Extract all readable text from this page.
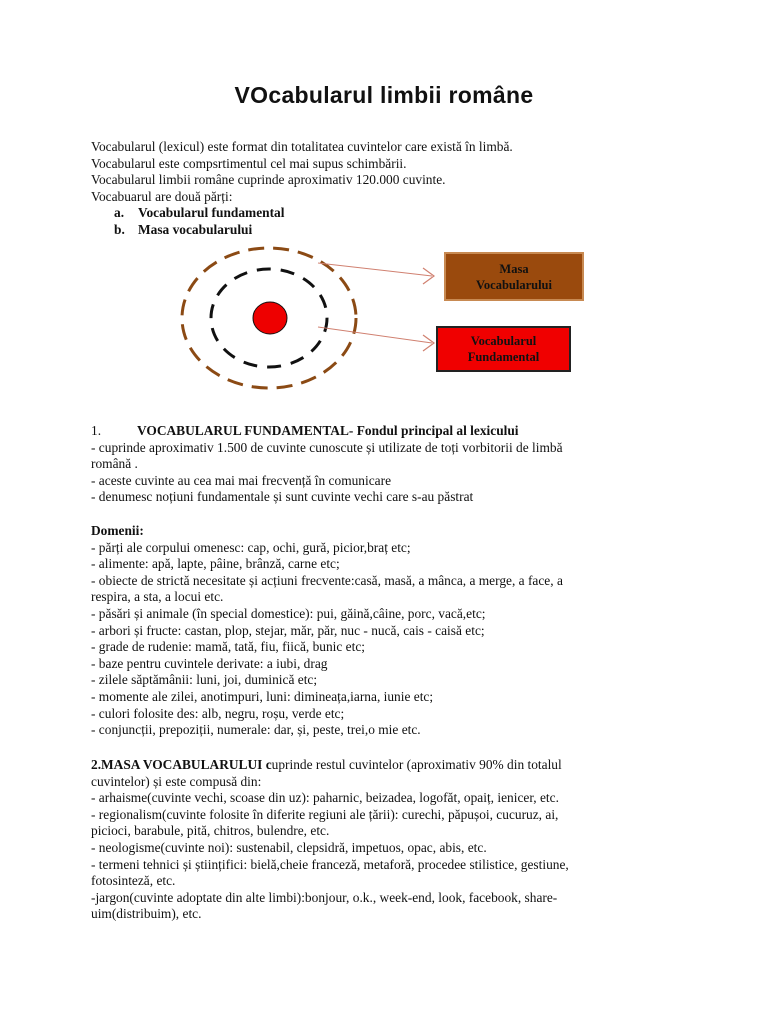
VOcabularul limbii române

Vocabularul (lexicul) este format din totalitatea cuvintelor care există în limbă.

Vocabularul este compsrtimentul cel mai supus schimbării.

Vocabularul limbii române cuprinde aproximativ 120.000 cuvinte.

Vocabuarul are două părți:

a. Vocabularul fundamental
b. Masa vocabularului
Masa
Vocabularului
Vocabularul
Fundamental

1.	VOCABULARUL FUNDAMENTAL- Fondul principal al lexicului

- cuprinde aproximativ 1.500 de cuvinte cunoscute și utilizate de toți vorbitorii de limbă

română .

- aceste cuvinte au cea mai mai frecvență în comunicare

- denumesc noțiuni fundamentale și sunt cuvinte vechi care s-au păstrat

Domenii:

- părți ale corpului omenesc: cap, ochi, gură, picior,braț etc;

- alimente: apă, lapte, pâine, brânză, carne etc;

- obiecte de strictă necesitate și acțiuni frecvente:casă, masă, a mânca, a merge, a face, a

respira, a sta, a locui etc.

- păsări și animale (în special domestice): pui, găină,câine, porc, vacă,etc;

- arbori și fructe: castan, plop, stejar, măr, păr, nuc - nucă, cais - caisă etc;

- grade de rudenie: mamă, tată, fiu, fiică, bunic etc;

- baze pentru cuvintele derivate: a iubi, drag

- zilele săptămânii: luni, joi, duminică etc;

- momente ale zilei, anotimpuri, luni: dimineața,iarna, iunie etc;

- culori folosite des: alb, negru, roșu, verde etc;

- conjuncții, prepoziții, numerale: dar, și, peste, trei,o mie etc.

2.MASA VOCABULARULUI cuprinde restul cuvintelor (aproximativ 90% din totalul

cuvintelor) și este compusă din:

- arhaisme(cuvinte vechi, scoase din uz): paharnic, beizadea, logofăt, opaiț, ienicer, etc.

- regionalism(cuvinte folosite în diferite regiuni ale țării): curechi, păpușoi, cucuruz, ai,

picioci, barabule, pită, chitros, bulendre, etc.

- neologisme(cuvinte noi): sustenabil, clepsidră, impetuos, opac, abis, etc.

- termeni tehnici și științifici: bielă,cheie franceză, metaforă, procedee stilistice, gestiune,

fotosinteză, etc.

-jargon(cuvinte adoptate din alte limbi):bonjour, o.k., week-end, look, facebook, share-

uim(distribuim), etc.
